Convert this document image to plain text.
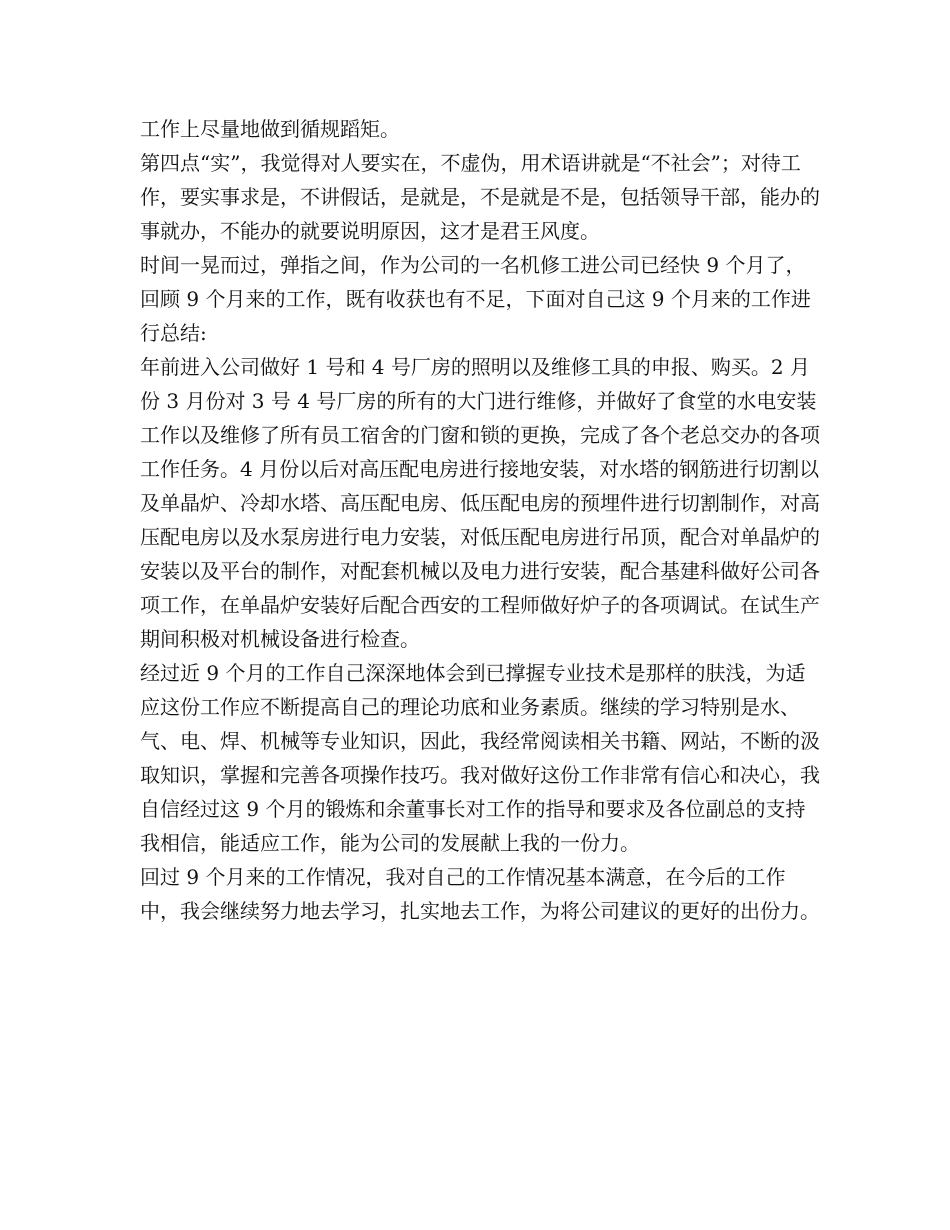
工作上尽量地做到循规蹈矩。

第四点“实”，我觉得对人要实在，不虚伪，用术语讲就是“不社会”；对待工作，要实事求是，不讲假话，是就是，不是就是不是，包括领导干部，能办的事就办，不能办的就要说明原因，这才是君王风度。

时间一晃而过，弹指之间，作为公司的一名机修工进公司已经快 9 个月了，回顾 9 个月来的工作，既有收获也有不足，下面对自己这 9 个月来的工作进行总结:

年前进入公司做好 1 号和 4 号厂房的照明以及维修工具的申报、购买。2 月份 3 月份对 3 号 4 号厂房的所有的大门进行维修，并做好了食堂的水电安装工作以及维修了所有员工宿舍的门窗和锁的更换，完成了各个老总交办的各项工作任务。4 月份以后对高压配电房进行接地安装，对水塔的钢筋进行切割以及单晶炉、冷却水塔、高压配电房、低压配电房的预埋件进行切割制作，对高压配电房以及水泵房进行电力安装，对低压配电房进行吊顶，配合对单晶炉的安装以及平台的制作，对配套机械以及电力进行安装，配合基建科做好公司各项工作，在单晶炉安装好后配合西安的工程师做好炉子的各项调试。在试生产期间积极对机械设备进行检查。

经过近 9 个月的工作自己深深地体会到已撑握专业技术是那样的肤浅，为适应这份工作应不断提高自己的理论功底和业务素质。继续的学习特别是水、气、电、焊、机械等专业知识，因此，我经常阅读相关书籍、网站，不断的汲取知识，掌握和完善各项操作技巧。我对做好这份工作非常有信心和决心，我自信经过这 9 个月的锻炼和余董事长对工作的指导和要求及各位副总的支持我相信，能适应工作，能为公司的发展献上我的一份力。

回过 9 个月来的工作情况，我对自己的工作情况基本满意，在今后的工作中，我会继续努力地去学习，扎实地去工作，为将公司建议的更好的出份力。
